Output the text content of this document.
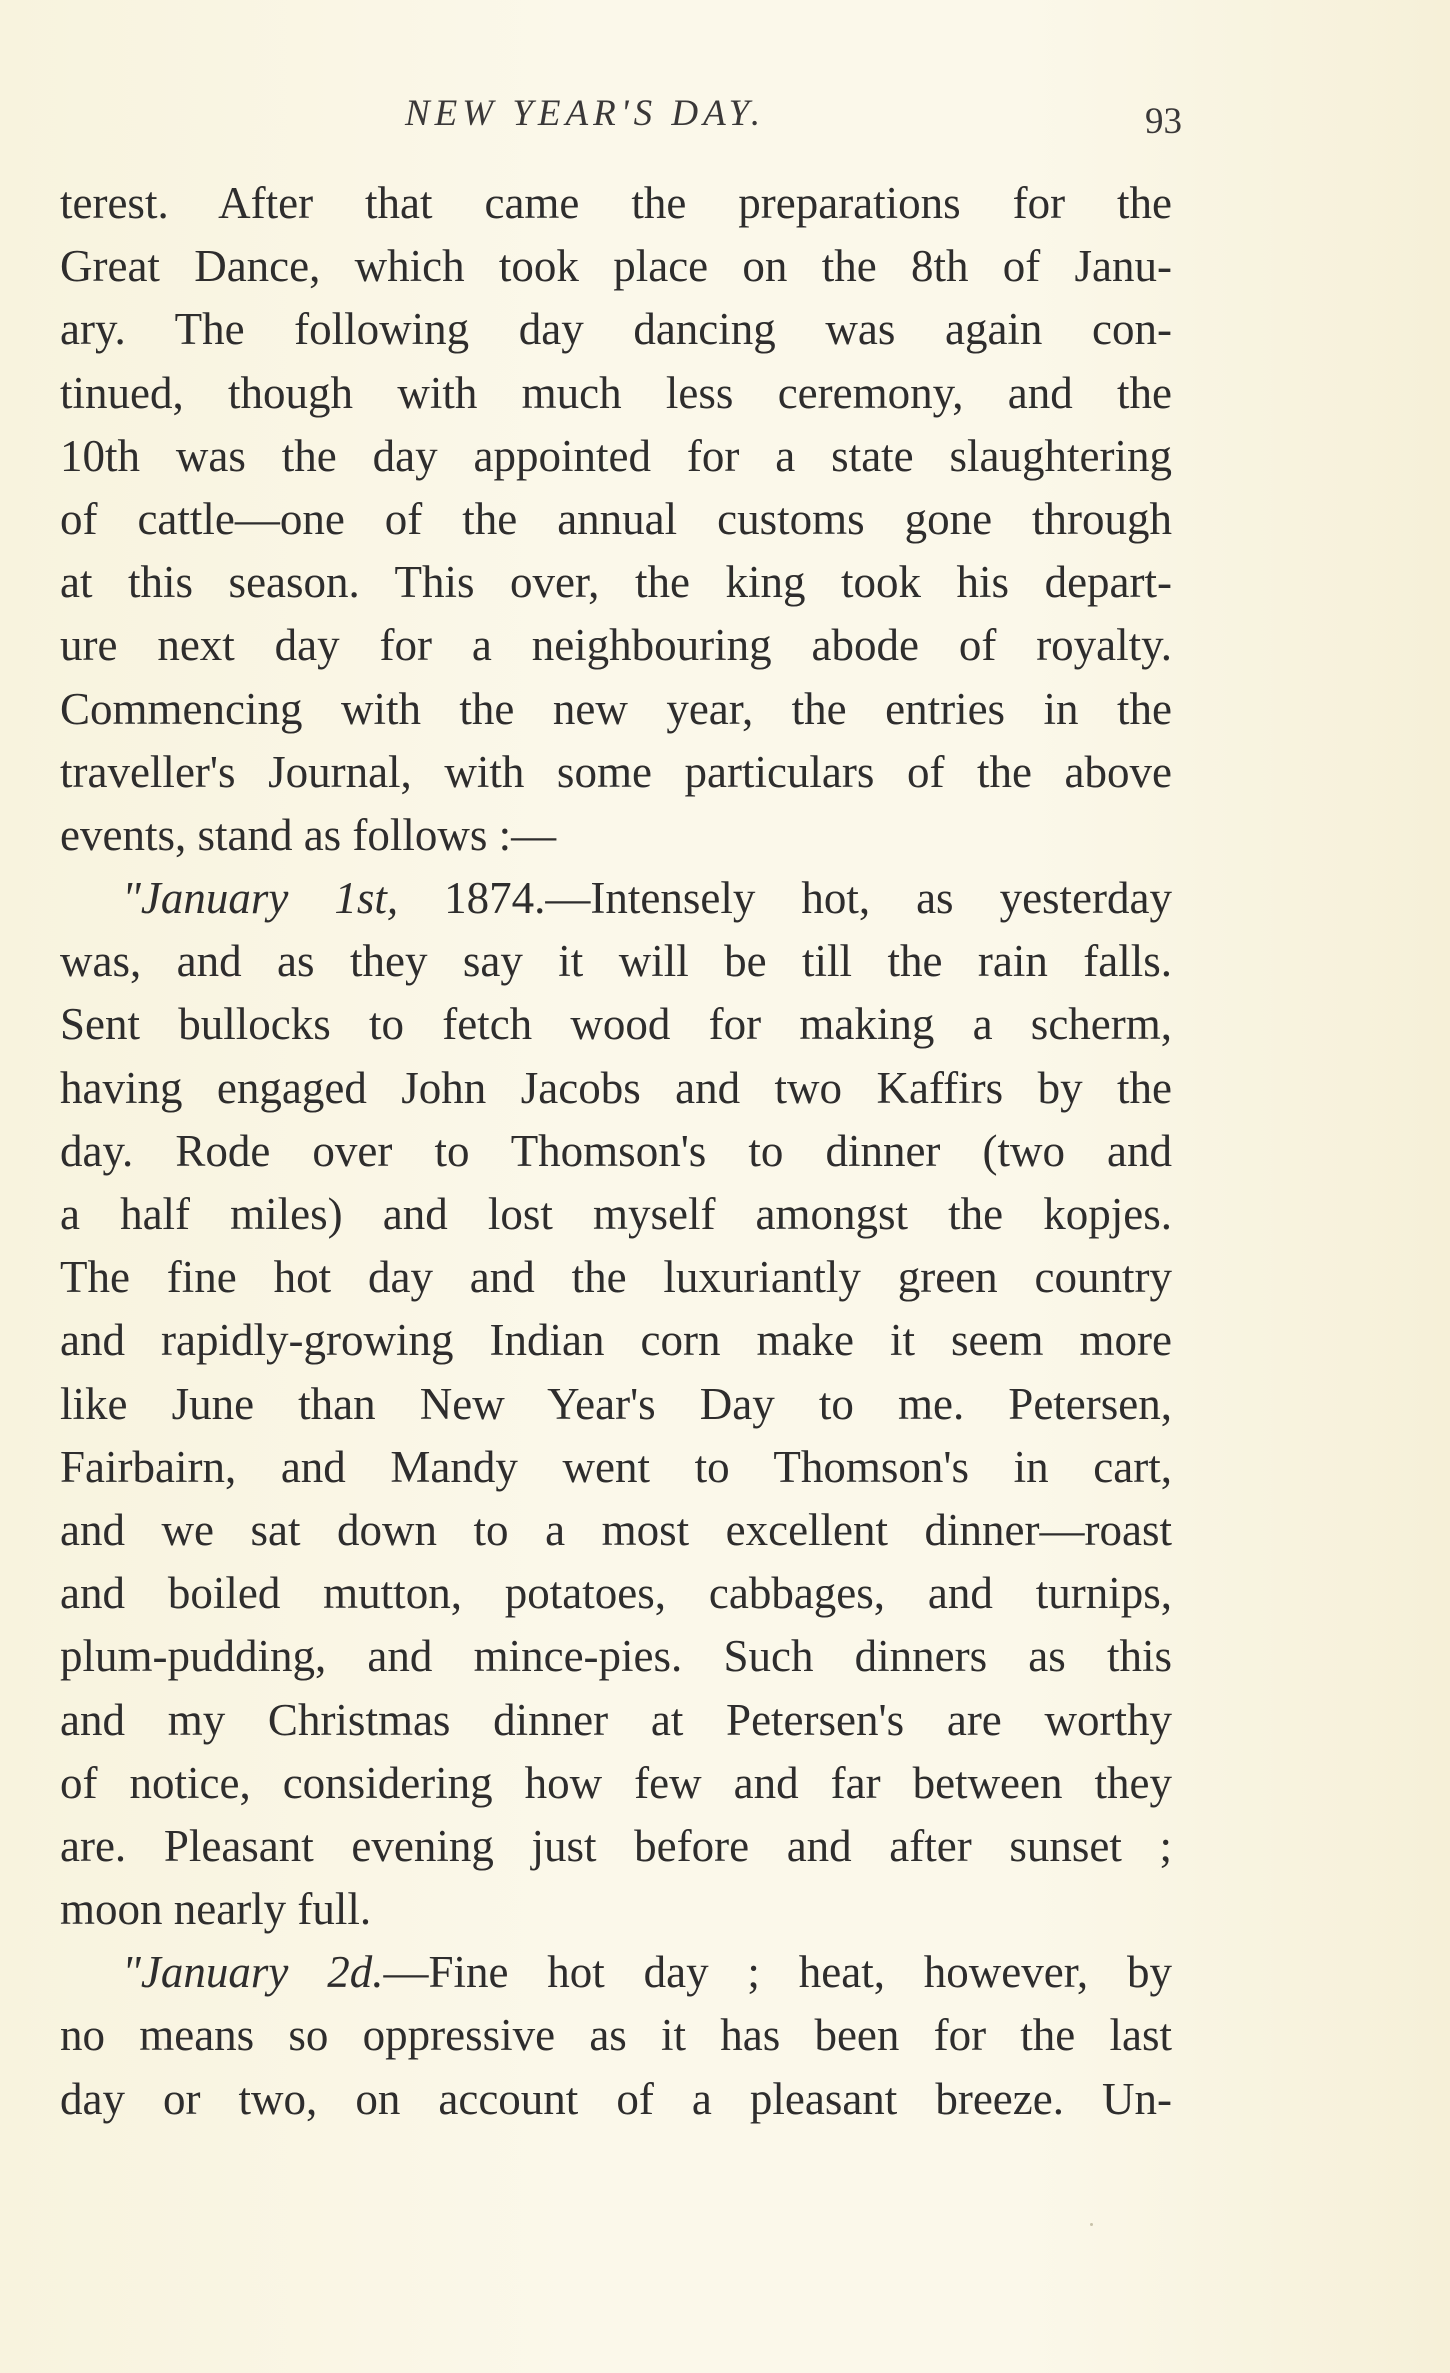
NEW YEAR'S DAY.	93
terest. After that came the preparations for the
Great Dance, which took place on the 8th of Janu-
ary. The following day dancing was again con-
tinued, though with much less ceremony, and the
10th was the day appointed for a state slaughtering
of cattle—one of the annual customs gone through
at this season. This over, the king took his depart-
ure next day for a neighbouring abode of royalty.
Commencing with the new year, the entries in the
traveller's Journal, with some particulars of the above
events, stand as follows :—
"January 1st, 1874.—Intensely hot, as yesterday
was, and as they say it will be till the rain falls.
Sent bullocks to fetch wood for making a scherm,
having engaged John Jacobs and two Kaffirs by the
day. Rode over to Thomson's to dinner (two and
a half miles) and lost myself amongst the kopjes.
The fine hot day and the luxuriantly green country
and rapidly-growing Indian corn make it seem more
like June than New Year's Day to me. Petersen,
Fairbairn, and Mandy went to Thomson's in cart,
and we sat down to a most excellent dinner—roast
and boiled mutton, potatoes, cabbages, and turnips,
plum-pudding, and mince-pies. Such dinners as this
and my Christmas dinner at Petersen's are worthy
of notice, considering how few and far between they
are. Pleasant evening just before and after sunset ;
moon nearly full.
"January 2d.—Fine hot day ; heat, however, by
no means so oppressive as it has been for the last
day or two, on account of a pleasant breeze. Un-
